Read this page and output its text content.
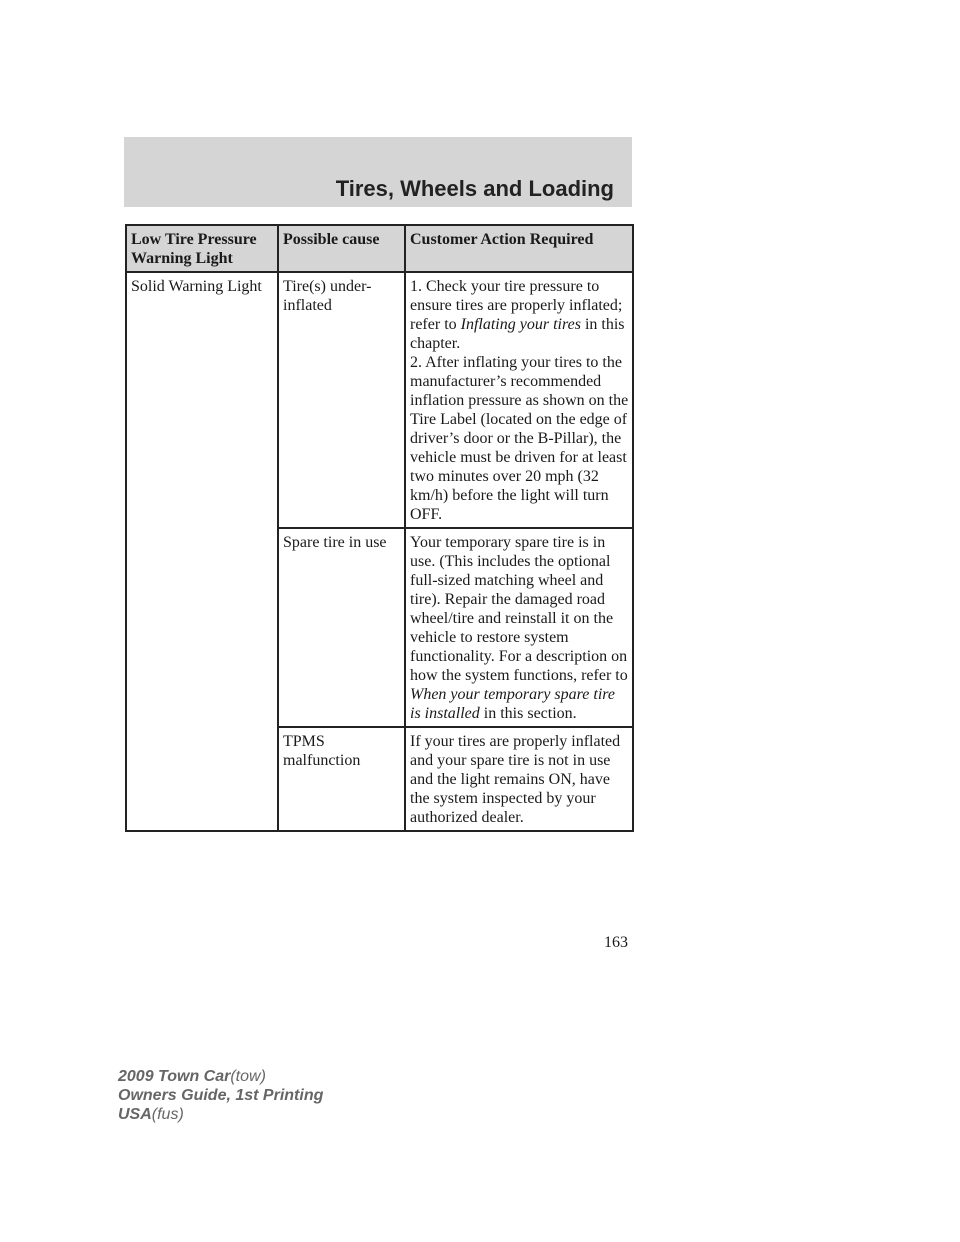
Tires, Wheels and Loading
Low Tire Pressure Warning Light	Possible cause	Customer Action Required
Solid Warning Light	Tire(s) under-inflated	1. Check your tire pressure to ensure tires are properly inflated; refer to Inflating your tires in this chapter.
2. After inflating your tires to the manufacturer’s recommended inflation pressure as shown on the Tire Label (located on the edge of driver’s door or the B-Pillar), the vehicle must be driven for at least two minutes over 20 mph (32 km/h) before the light will turn OFF.

	Spare tire in use	Your temporary spare tire is in use. (This includes the optional full-sized matching wheel and tire). Repair the damaged road wheel/tire and reinstall it on the vehicle to restore system functionality. For a description on how the system functions, refer to When your temporary spare tire is installed in this section.
	TPMS malfunction	If your tires are properly inflated and your spare tire is not in use and the light remains ON, have the system inspected by your authorized dealer.
163
2009 Town Car(tow)
Owners Guide, 1st Printing
USA(fus)
